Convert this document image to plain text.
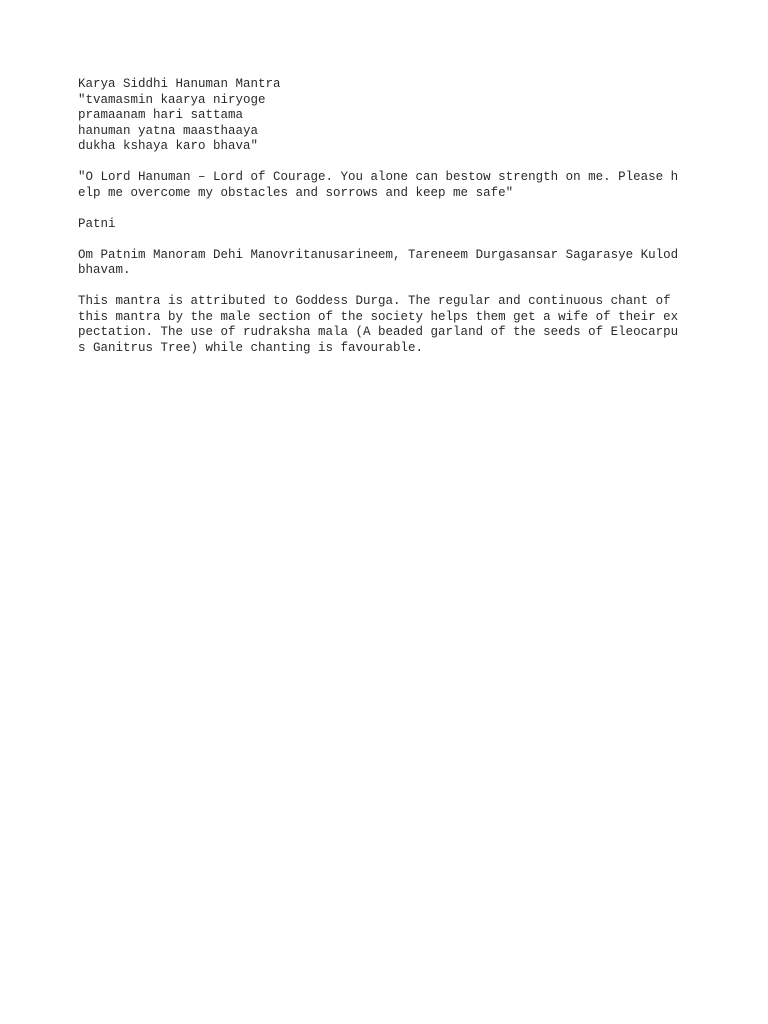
Karya Siddhi Hanuman Mantra
"tvamasmin kaarya niryoge
pramaanam hari sattama
hanuman yatna maasthaaya
dukha kshaya karo bhava"
"O Lord Hanuman – Lord of Courage. You alone can bestow strength on me. Please h
elp me overcome my obstacles and sorrows and keep me safe"
Patni
Om Patnim Manoram Dehi Manovritanusarineem, Tareneem Durgasansar Sagarasye Kulod
bhavam.
This mantra is attributed to Goddess Durga. The regular and continuous chant of
this mantra by the male section of the society helps them get a wife of their ex
pectation. The use of rudraksha mala (A beaded garland of the seeds of Eleocarpu
s Ganitrus Tree) while chanting is favourable.
